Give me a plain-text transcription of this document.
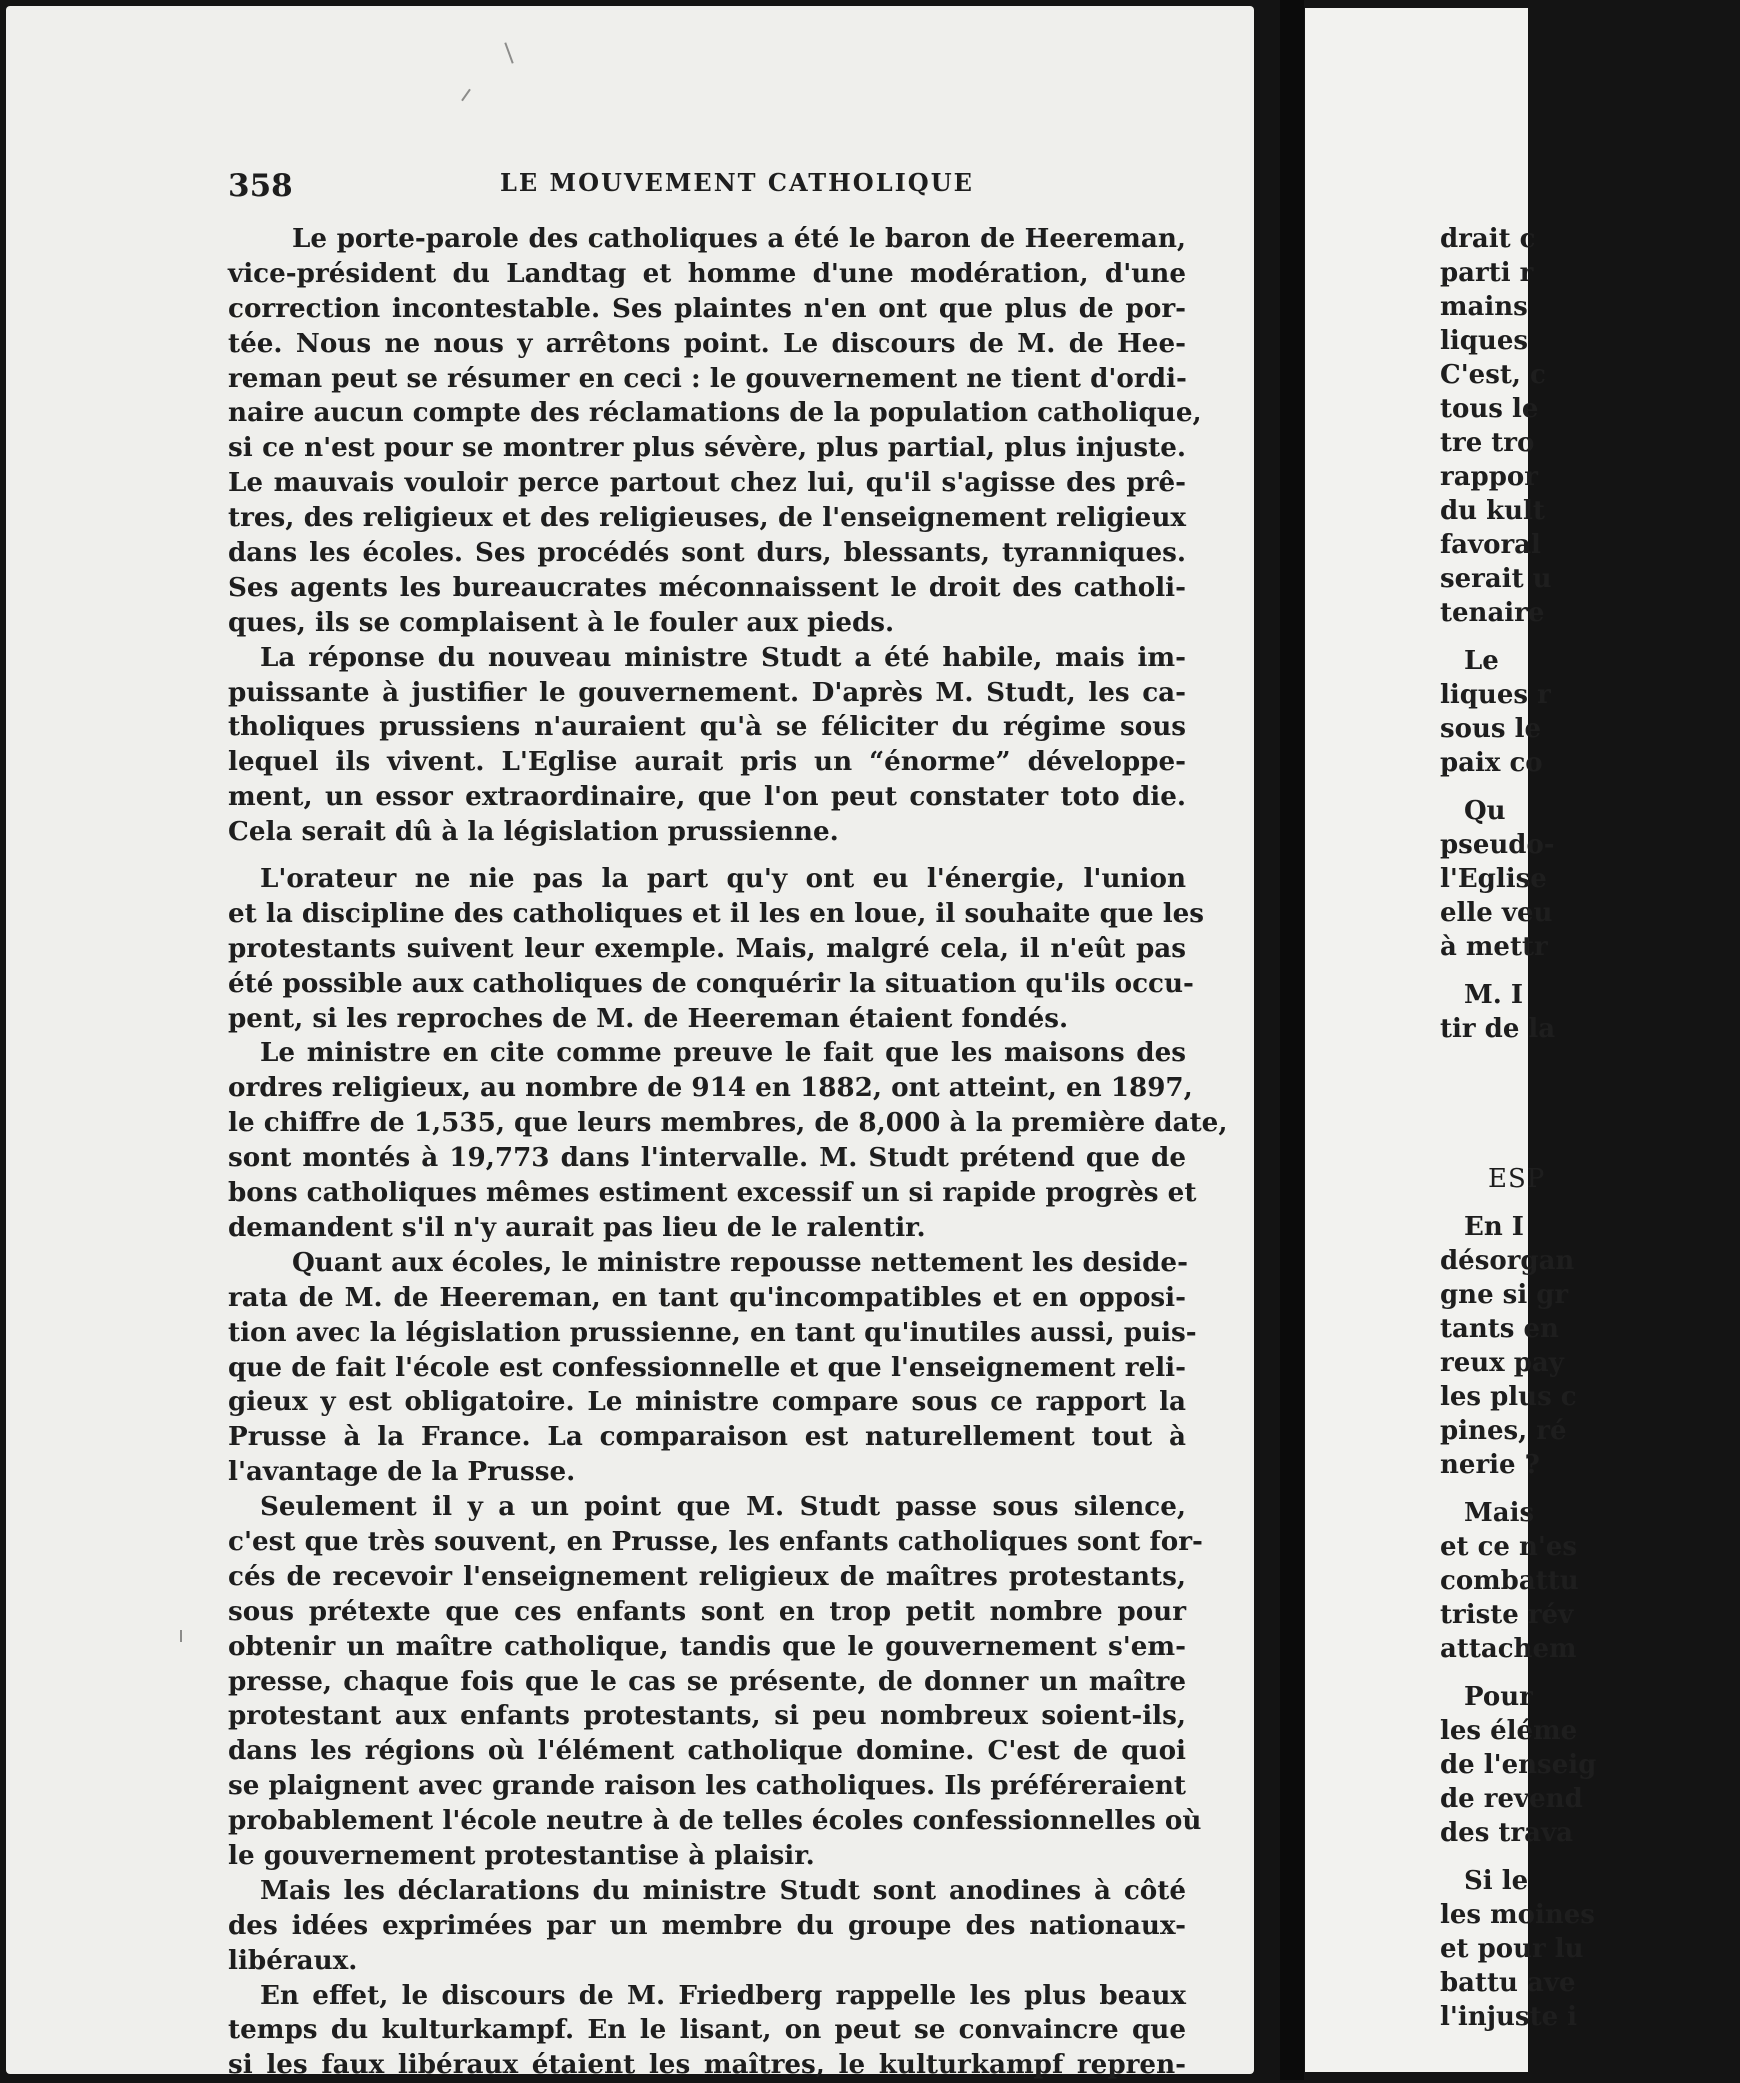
358	LE MOUVEMENT CATHOLIQUE
Le porte-parole des catholiques a été le baron de Heereman,
vice-président du Landtag et homme d'une modération, d'une
correction incontestable. Ses plaintes n'en ont que plus de por-
tée. Nous ne nous y arrêtons point. Le discours de M. de Hee-
reman peut se résumer en ceci : le gouvernement ne tient d'ordi-
naire aucun compte des réclamations de la population catholique,
si ce n'est pour se montrer plus sévère, plus partial, plus injuste.
Le mauvais vouloir perce partout chez lui, qu'il s'agisse des prê-
tres, des religieux et des religieuses, de l'enseignement religieux
dans les écoles. Ses procédés sont durs, blessants, tyranniques.
Ses agents les bureaucrates méconnaissent le droit des catholi-
ques, ils se complaisent à le fouler aux pieds.
La réponse du nouveau ministre Studt a été habile, mais im-
puissante à justifier le gouvernement. D'après M. Studt, les ca-
tholiques prussiens n'auraient qu'à se féliciter du régime sous
lequel ils vivent. L'Eglise aurait pris un “énorme” développe-
ment, un essor extraordinaire, que l'on peut constater toto die.
Cela serait dû à la législation prussienne.
L'orateur ne nie pas la part qu'y ont eu l'énergie, l'union
et la discipline des catholiques et il les en loue, il souhaite que les
protestants suivent leur exemple. Mais, malgré cela, il n'eût pas
été possible aux catholiques de conquérir la situation qu'ils occu-
pent, si les reproches de M. de Heereman étaient fondés.
Le ministre en cite comme preuve le fait que les maisons des
ordres religieux, au nombre de 914 en 1882, ont atteint, en 1897,
le chiffre de 1,535, que leurs membres, de 8,000 à la première date,
sont montés à 19,773 dans l'intervalle. M. Studt prétend que de
bons catholiques mêmes estiment excessif un si rapide progrès et
demandent s'il n'y aurait pas lieu de le ralentir.
Quant aux écoles, le ministre repousse nettement les deside-
rata de M. de Heereman, en tant qu'incompatibles et en opposi-
tion avec la législation prussienne, en tant qu'inutiles aussi, puis-
que de fait l'école est confessionnelle et que l'enseignement reli-
gieux y est obligatoire. Le ministre compare sous ce rapport la
Prusse à la France. La comparaison est naturellement tout à
l'avantage de la Prusse.
Seulement il y a un point que M. Studt passe sous silence,
c'est que très souvent, en Prusse, les enfants catholiques sont for-
cés de recevoir l'enseignement religieux de maîtres protestants,
sous prétexte que ces enfants sont en trop petit nombre pour
obtenir un maître catholique, tandis que le gouvernement s'em-
presse, chaque fois que le cas se présente, de donner un maître
protestant aux enfants protestants, si peu nombreux soient-ils,
dans les régions où l'élément catholique domine. C'est de quoi
se plaignent avec grande raison les catholiques. Ils préféreraient
probablement l'école neutre à de telles écoles confessionnelles où
le gouvernement protestantise à plaisir.
Mais les déclarations du ministre Studt sont anodines à côté
des idées exprimées par un membre du groupe des nationaux-
libéraux.
En effet, le discours de M. Friedberg rappelle les plus beaux
temps du kulturkampf. En le lisant, on peut se convaincre que
si les faux libéraux étaient les maîtres, le kulturkampf repren-
drait c
parti r
mains
liques
C'est, c
tous le
tre tro
rappor
du kult
favoral
serait u
tenaire
Le
liques r
sous le
paix co
Qu
pseudo-
l'Eglise
elle veu
à mettr
M. I
tir de la
ESP
En I
désorgan
gne si gr
tants en
reux pay
les plus c
pines, ré
nerie ?
Mais
et ce n'es
combattu
triste rév
attachem
Pour
les éléme
de l'enseig
de revend
des trava
Si le
les moines
et pour lu
battu ave
l'injuste i
